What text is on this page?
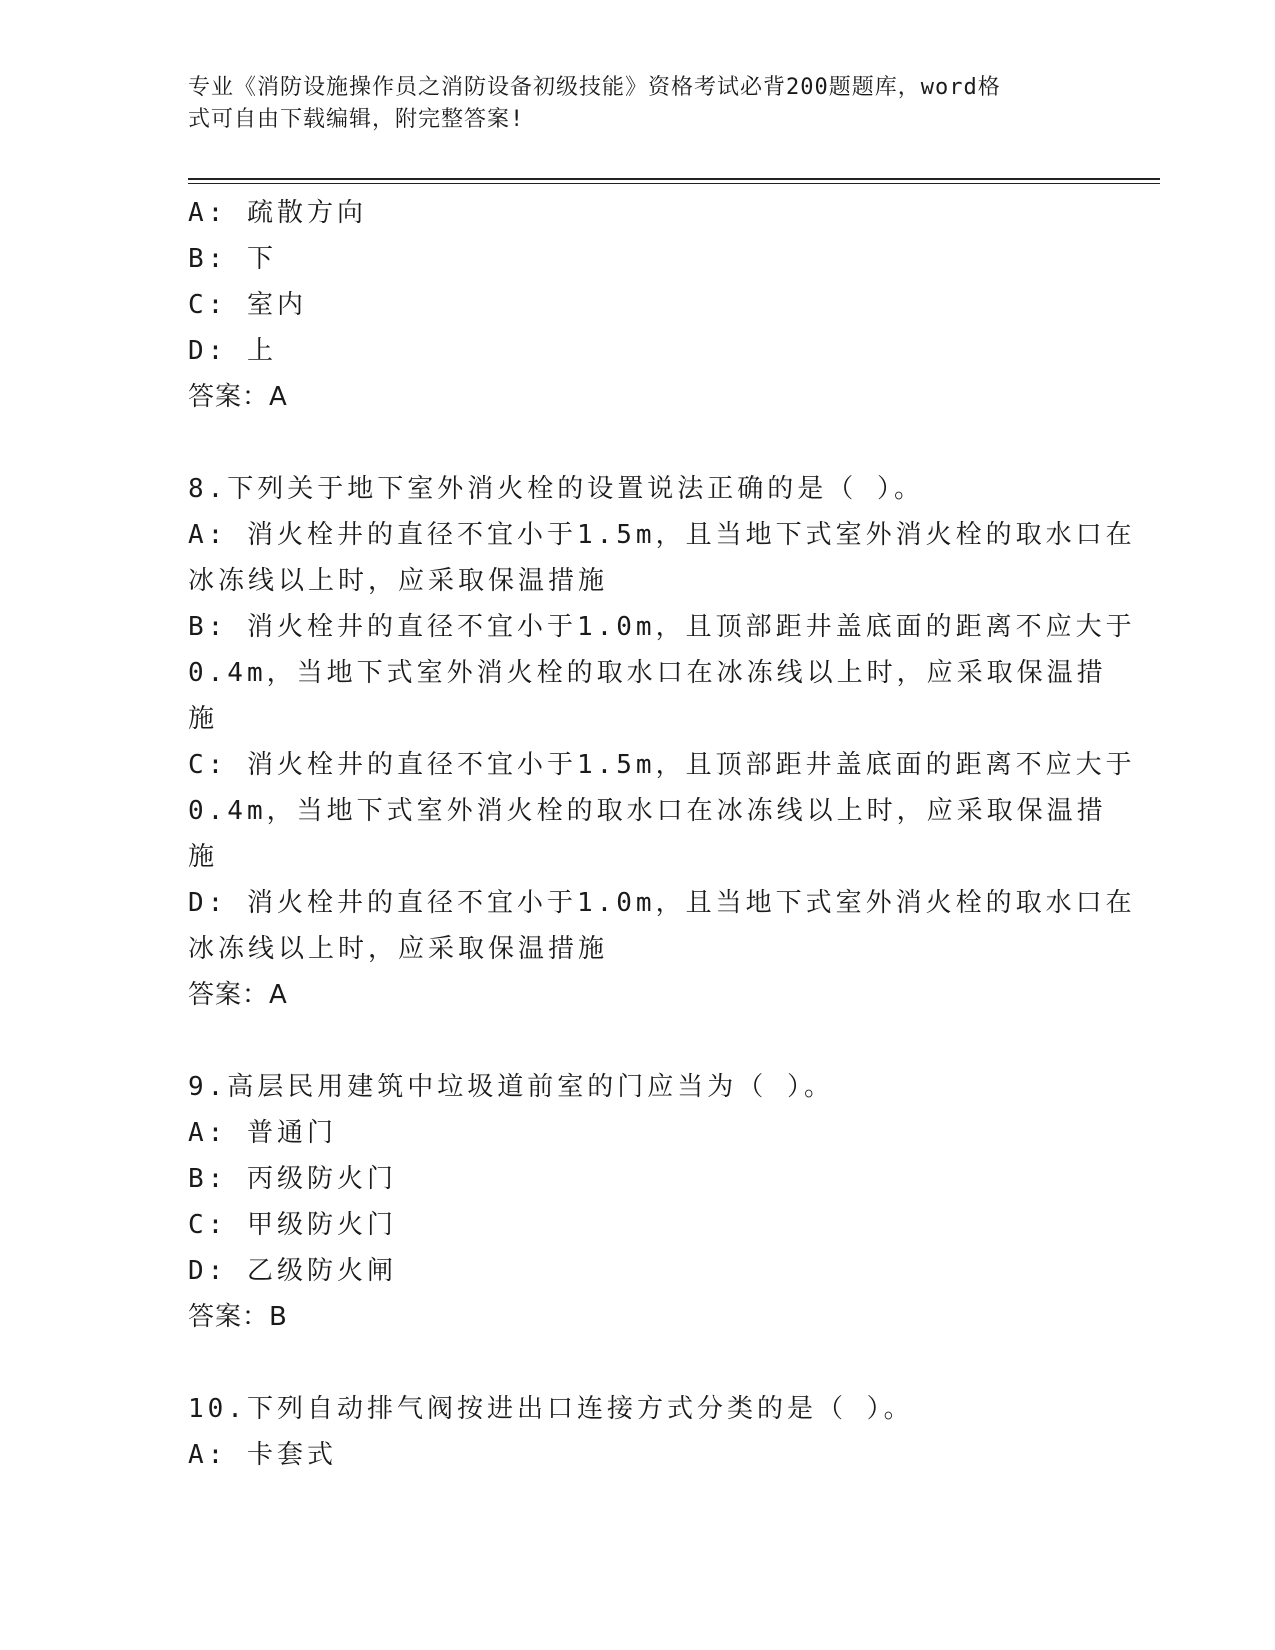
专业《消防设施操作员之消防设备初级技能》资格考试必背200题题库，word格
式可自由下载编辑，附完整答案!
A: 疏散方向
B: 下
C: 室内
D: 上
答案：A
8.下列关于地下室外消火栓的设置说法正确的是（ ）。
A: 消火栓井的直径不宜小于1.5m，且当地下式室外消火栓的取水口在
冰冻线以上时，应采取保温措施
B: 消火栓井的直径不宜小于1.0m，且顶部距井盖底面的距离不应大于
0.4m，当地下式室外消火栓的取水口在冰冻线以上时，应采取保温措
施
C: 消火栓井的直径不宜小于1.5m，且顶部距井盖底面的距离不应大于
0.4m，当地下式室外消火栓的取水口在冰冻线以上时，应采取保温措
施
D: 消火栓井的直径不宜小于1.0m，且当地下式室外消火栓的取水口在
冰冻线以上时，应采取保温措施
答案：A
9.高层民用建筑中垃圾道前室的门应当为（ ）。
A: 普通门
B: 丙级防火门
C: 甲级防火门
D: 乙级防火闸
答案：B
10.下列自动排气阀按进出口连接方式分类的是（ ）。
A: 卡套式
